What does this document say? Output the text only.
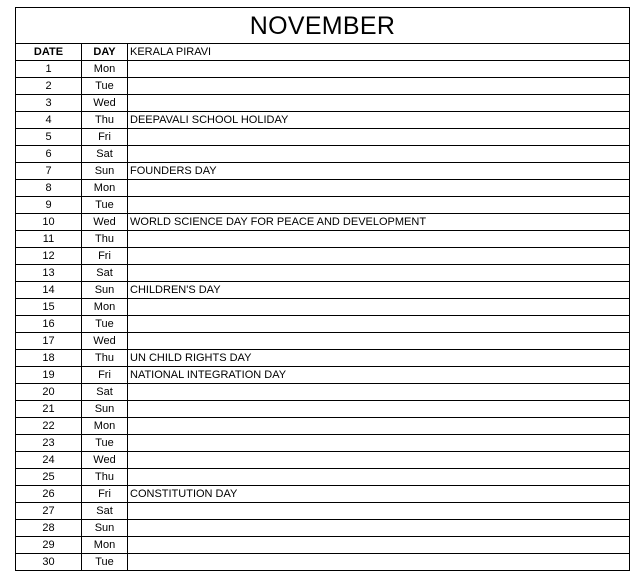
NOVEMBER
DATE	DAY	KERALA PIRAVI
1	Mon	
2	Tue	
3	Wed	
4	Thu	DEEPAVALI SCHOOL HOLIDAY
5	Fri	
6	Sat	
7	Sun	FOUNDERS DAY
8	Mon	
9	Tue	
10	Wed	WORLD SCIENCE DAY FOR PEACE AND DEVELOPMENT
11	Thu	
12	Fri	
13	Sat	
14	Sun	CHILDREN'S DAY
15	Mon	
16	Tue	
17	Wed	
18	Thu	UN CHILD RIGHTS DAY
19	Fri	NATIONAL INTEGRATION DAY
20	Sat	
21	Sun	
22	Mon	
23	Tue	
24	Wed	
25	Thu	
26	Fri	CONSTITUTION DAY
27	Sat	
28	Sun	
29	Mon	
30	Tue	
